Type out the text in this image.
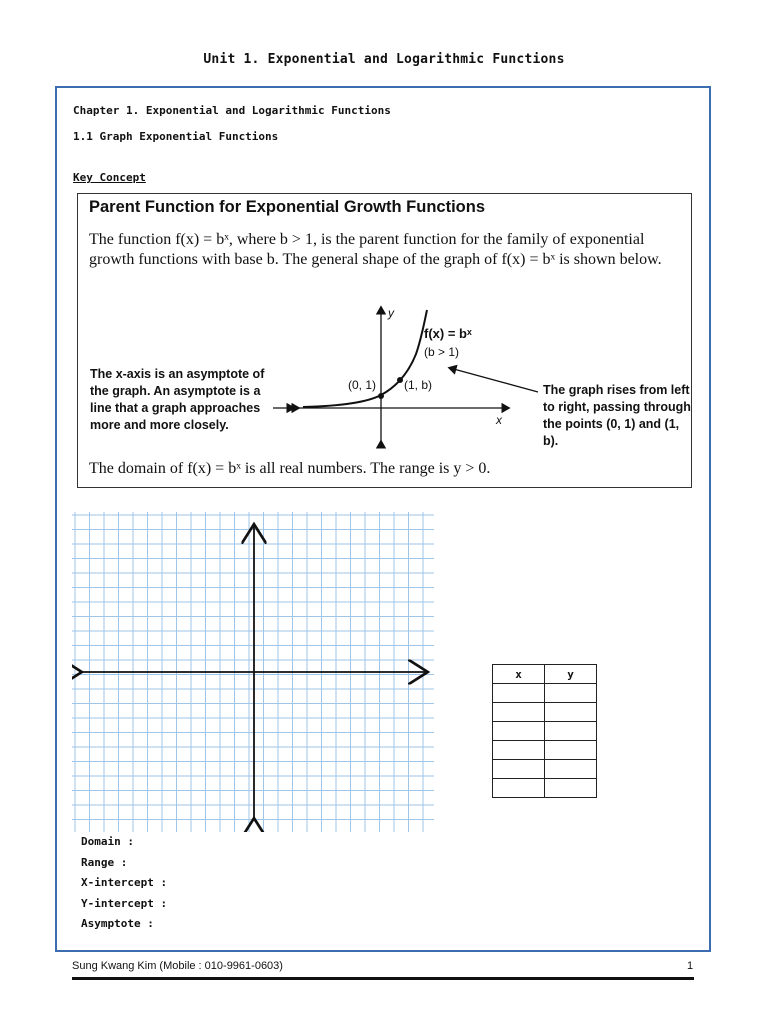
Unit 1. Exponential and Logarithmic Functions
Chapter 1. Exponential and Logarithmic Functions
1.1 Graph Exponential Functions
Key Concept
Parent Function for Exponential Growth Functions
The function f(x) = bˣ, where b > 1, is the parent function for the family of exponential growth functions with base b. The general shape of the graph of f(x) = bˣ is shown below.
y
x
f(x) = bˣ
(b > 1)
(0, 1) (1, b)
The x-axis is an asymptote of the graph. An asymptote is a line that a graph approaches more and more closely.
The graph rises from left to right, passing through the points (0, 1) and (1, b).
The domain of f(x) = bˣ is all real numbers. The range is y > 0.
x	y

Domain :
Range :
X-intercept :
Y-intercept :
Asymptote :
Sung Kwang Kim (Mobile : 010-9961-0603)	1
